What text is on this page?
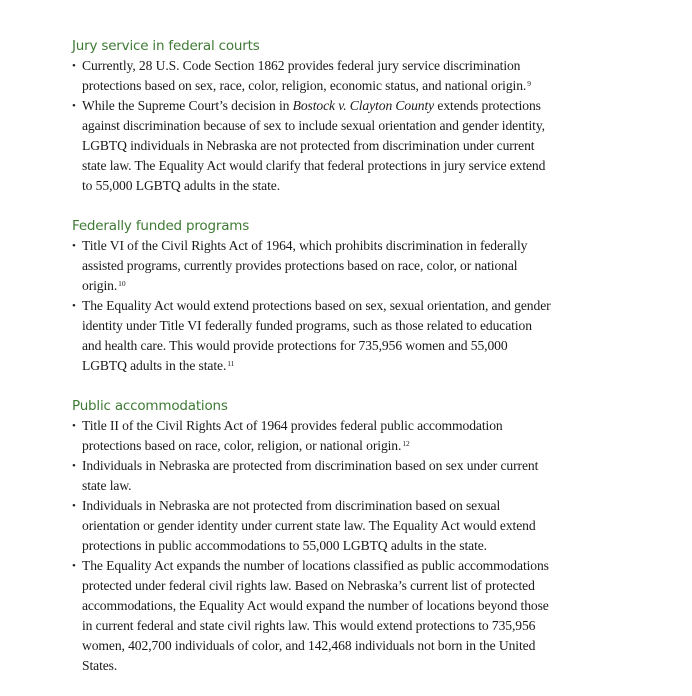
Jury service in federal courts
• Currently, 28 U.S. Code Section 1862 provides federal jury service discrimination protections based on sex, race, color, religion, economic status, and national origin.$^9$
• While the Supreme Court’s decision in Bostock v. Clayton County extends protections against discrimination because of sex to include sexual orientation and gender identity, LGBTQ individuals in Nebraska are not protected from discrimination under current state law. The Equality Act would clarify that federal protections in jury service extend to 55,000 LGBTQ adults in the state.
Federally funded programs
• Title VI of the Civil Rights Act of 1964, which prohibits discrimination in federally assisted programs, currently provides protections based on race, color, or national origin.$^{10}$
• The Equality Act would extend protections based on sex, sexual orientation, and gender identity under Title VI federally funded programs, such as those related to education and health care. This would provide protections for 735,956 women and 55,000 LGBTQ adults in the state.$^{11}$
Public accommodations
• Title II of the Civil Rights Act of 1964 provides federal public accommodation protections based on race, color, religion, or national origin.$^{12}$
• Individuals in Nebraska are protected from discrimination based on sex under current state law.
• Individuals in Nebraska are not protected from discrimination based on sexual orientation or gender identity under current state law. The Equality Act would extend protections in public accommodations to 55,000 LGBTQ adults in the state.
• The Equality Act expands the number of locations classified as public accommodations protected under federal civil rights law. Based on Nebraska’s current list of protected accommodations, the Equality Act would expand the number of locations beyond those in current federal and state civil rights law. This would extend protections to 735,956 women, 402,700 individuals of color, and 142,468 individuals not born in the United States.
